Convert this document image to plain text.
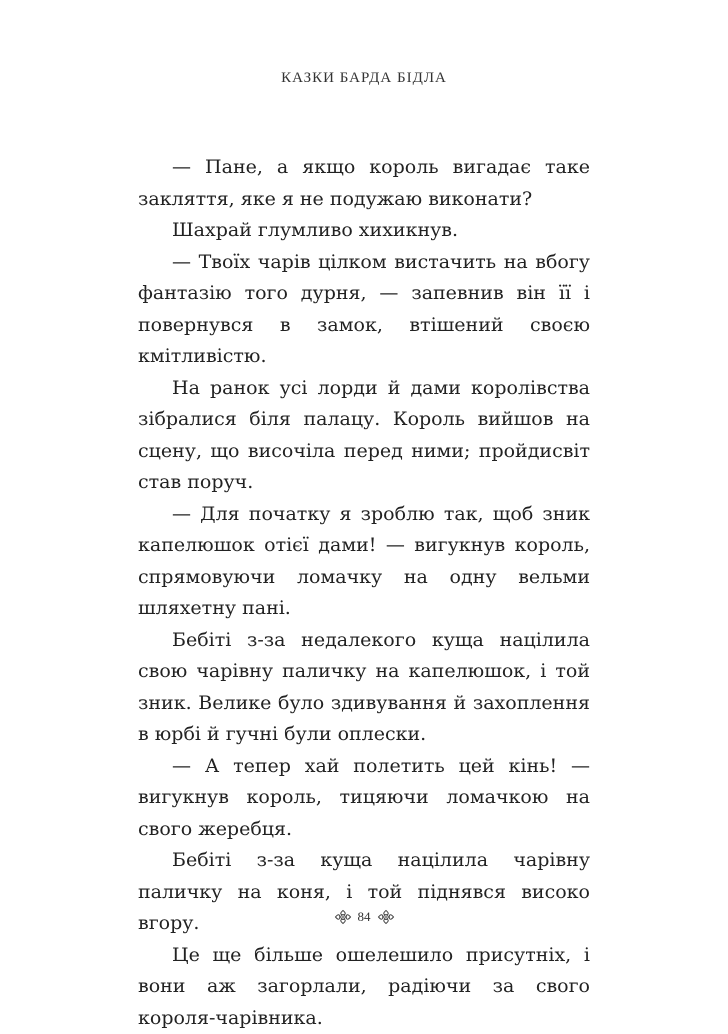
КАЗКИ БАРДА БІДЛА

— Пане, а якщо король вигадає таке закляття, яке я не подужаю виконати?

Шахрай глумливо хихикнув.

— Твоїх чарів цілком вистачить на вбогу фантазію того дурня, — запевнив він її і повернувся в замок, втішений своєю кмітливістю.

На ранок усі лорди й дами королівства зібралися біля палацу. Король вийшов на сцену, що височіла перед ними; пройдисвіт став поруч.

— Для початку я зроблю так, щоб зник капелюшок отієї дами! — вигукнув король, спрямовуючи ломачку на одну вельми шляхетну пані.

Бебіті з-за недалекого куща націлила свою чарівну паличку на капелюшок, і той зник. Велике було здивування й захоплення в юрбі й гучні були оплески.

— А тепер хай полетить цей кінь! — вигукнув король, тицяючи ломачкою на свого жеребця.

Бебіті з-за куща націлила чарівну паличку на коня, і той піднявся високо вгору.

Це ще більше ошелешило присутніх, і вони аж загорлали, радіючи за свого короля-чарівника.

84
